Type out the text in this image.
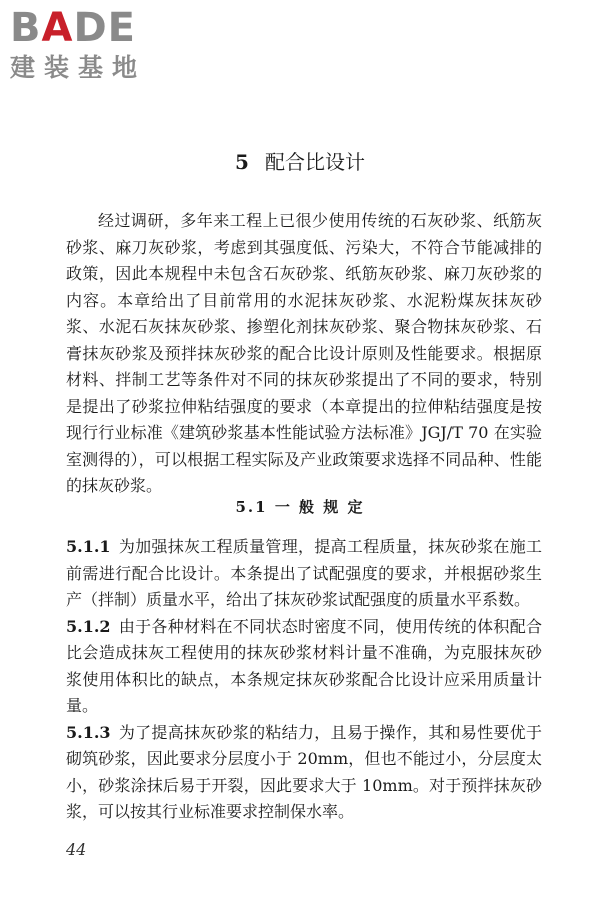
BADE
建装基地
5 配合比设计

经过调研，多年来工程上已很少使用传统的石灰砂浆、纸筋灰砂浆、麻刀灰砂浆，考虑到其强度低、污染大，不符合节能减排的政策，因此本规程中未包含石灰砂浆、纸筋灰砂浆、麻刀灰砂浆的内容。本章给出了目前常用的水泥抹灰砂浆、水泥粉煤灰抹灰砂浆、水泥石灰抹灰砂浆、掺塑化剂抹灰砂浆、聚合物抹灰砂浆、石膏抹灰砂浆及预拌抹灰砂浆的配合比设计原则及性能要求。根据原材料、拌制工艺等条件对不同的抹灰砂浆提出了不同的要求，特别是提出了砂浆拉伸粘结强度的要求（本章提出的拉伸粘结强度是按现行行业标准《建筑砂浆基本性能试验方法标准》JGJ/T 70 在实验室测得的），可以根据工程实际及产业政策要求选择不同品种、性能的抹灰砂浆。

5.1 一 般 规 定

5.1.1 为加强抹灰工程质量管理，提高工程质量，抹灰砂浆在施工前需进行配合比设计。本条提出了试配强度的要求，并根据砂浆生产（拌制）质量水平，给出了抹灰砂浆试配强度的质量水平系数。

5.1.2 由于各种材料在不同状态时密度不同，使用传统的体积配合比会造成抹灰工程使用的抹灰砂浆材料计量不准确，为克服抹灰砂浆使用体积比的缺点，本条规定抹灰砂浆配合比设计应采用质量计量。

5.1.3 为了提高抹灰砂浆的粘结力，且易于操作，其和易性要优于砌筑砂浆，因此要求分层度小于 20mm，但也不能过小，分层度太小，砂浆涂抹后易于开裂，因此要求大于 10mm。对于预拌抹灰砂浆，可以按其行业标准要求控制保水率。

44
